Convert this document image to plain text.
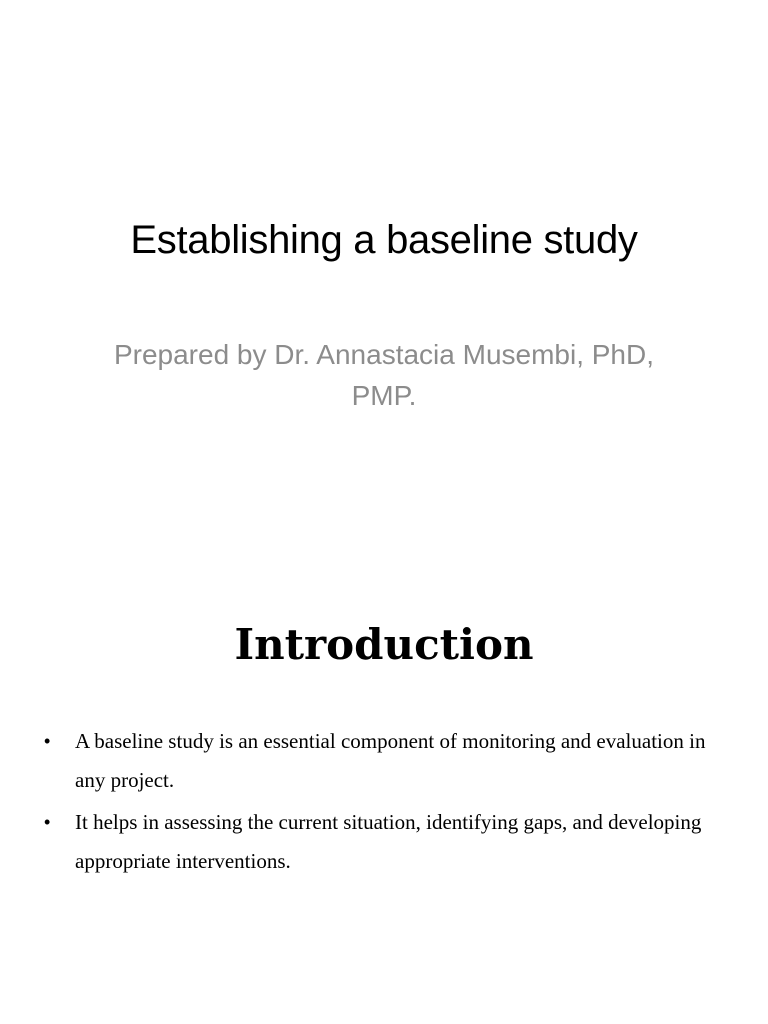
Establishing a baseline study

Prepared by Dr. Annastacia Musembi, PhD, PMP.

Introduction
• A baseline study is an essential component of monitoring and evaluation in any project.
• It helps in assessing the current situation, identifying gaps, and developing appropriate interventions.
